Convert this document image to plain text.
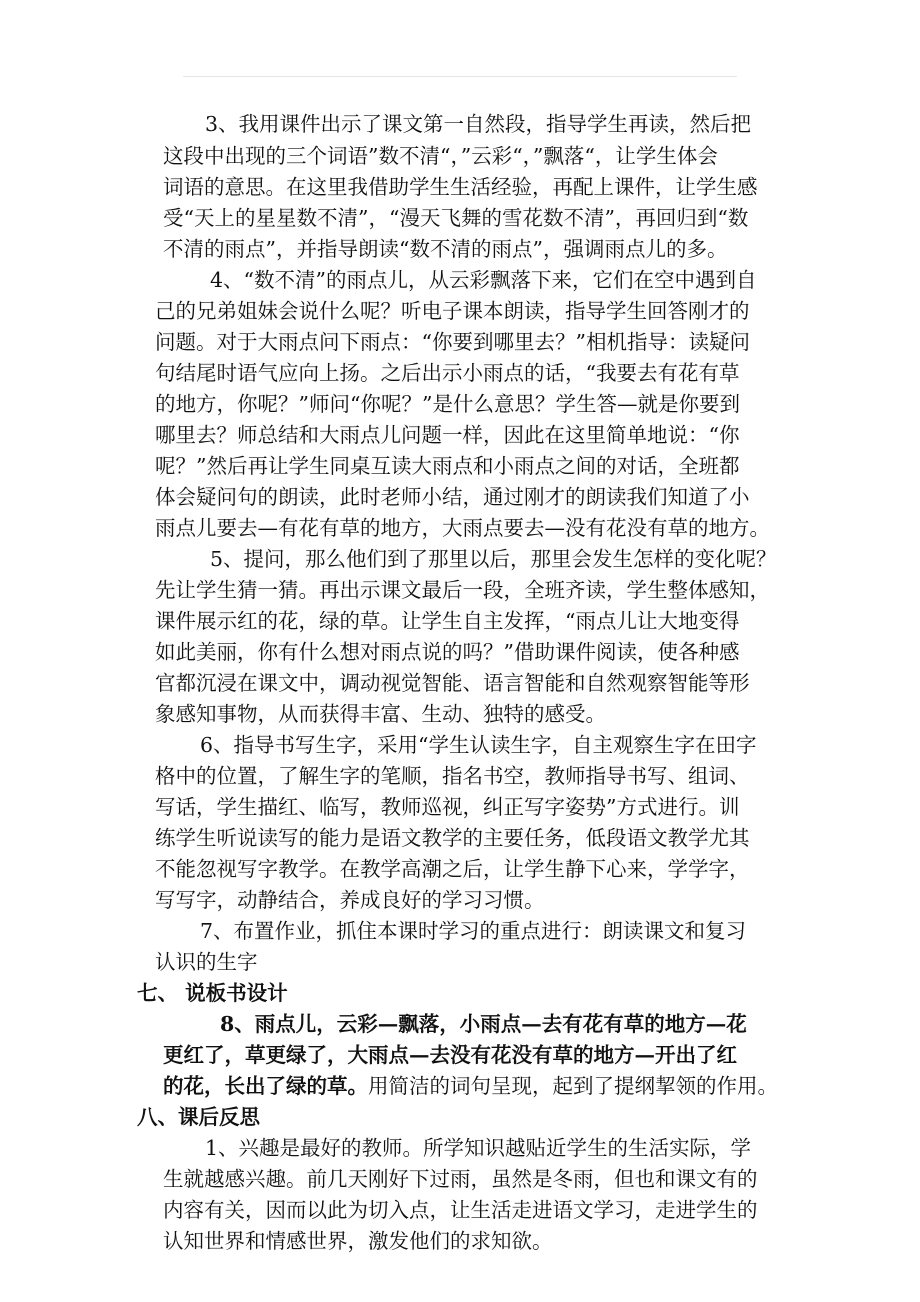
3、我用课件出示了课文第一自然段，指导学生再读，然后把
这段中出现的三个词语”数不清“，”云彩“，”飘落“，让学生体会
词语的意思。在这里我借助学生生活经验，再配上课件，让学生感
受“天上的星星数不清”，“漫天飞舞的雪花数不清”，再回归到“数
不清的雨点”，并指导朗读“数不清的雨点”，强调雨点儿的多。
4、“数不清”的雨点儿，从云彩飘落下来，它们在空中遇到自
己的兄弟姐妹会说什么呢？听电子课本朗读，指导学生回答刚才的
问题。对于大雨点问下雨点：“你要到哪里去？”相机指导：读疑问
句结尾时语气应向上扬。之后出示小雨点的话，“我要去有花有草
的地方，你呢？”师问“你呢？”是什么意思？学生答—就是你要到
哪里去？师总结和大雨点儿问题一样，因此在这里简单地说：“你
呢？”然后再让学生同桌互读大雨点和小雨点之间的对话，全班都
体会疑问句的朗读，此时老师小结，通过刚才的朗读我们知道了小
雨点儿要去—有花有草的地方，大雨点要去—没有花没有草的地方。
5、提问，那么他们到了那里以后，那里会发生怎样的变化呢？
先让学生猜一猜。再出示课文最后一段，全班齐读，学生整体感知，
课件展示红的花，绿的草。让学生自主发挥，“雨点儿让大地变得
如此美丽，你有什么想对雨点说的吗？”借助课件阅读，使各种感
官都沉浸在课文中，调动视觉智能、语言智能和自然观察智能等形
象感知事物，从而获得丰富、生动、独特的感受。
6、指导书写生字，采用“学生认读生字，自主观察生字在田字
格中的位置，了解生字的笔顺，指名书空，教师指导书写、组词、
写话，学生描红、临写，教师巡视，纠正写字姿势”方式进行。训
练学生听说读写的能力是语文教学的主要任务，低段语文教学尤其
不能忽视写字教学。在教学高潮之后，让学生静下心来，学学字，
写写字，动静结合，养成良好的学习习惯。
7、布置作业，抓住本课时学习的重点进行：朗读课文和复习
认识的生字
七、 说板书设计
8、雨点儿，云彩—飘落，小雨点—去有花有草的地方—花
更红了，草更绿了，大雨点—去没有花没有草的地方—开出了红
的花，长出了绿的草。用简洁的词句呈现，起到了提纲挈领的作用。
八、课后反思
1、兴趣是最好的教师。所学知识越贴近学生的生活实际，学
生就越感兴趣。前几天刚好下过雨，虽然是冬雨，但也和课文有的
内容有关，因而以此为切入点，让生活走进语文学习，走进学生的
认知世界和情感世界，激发他们的求知欲。
